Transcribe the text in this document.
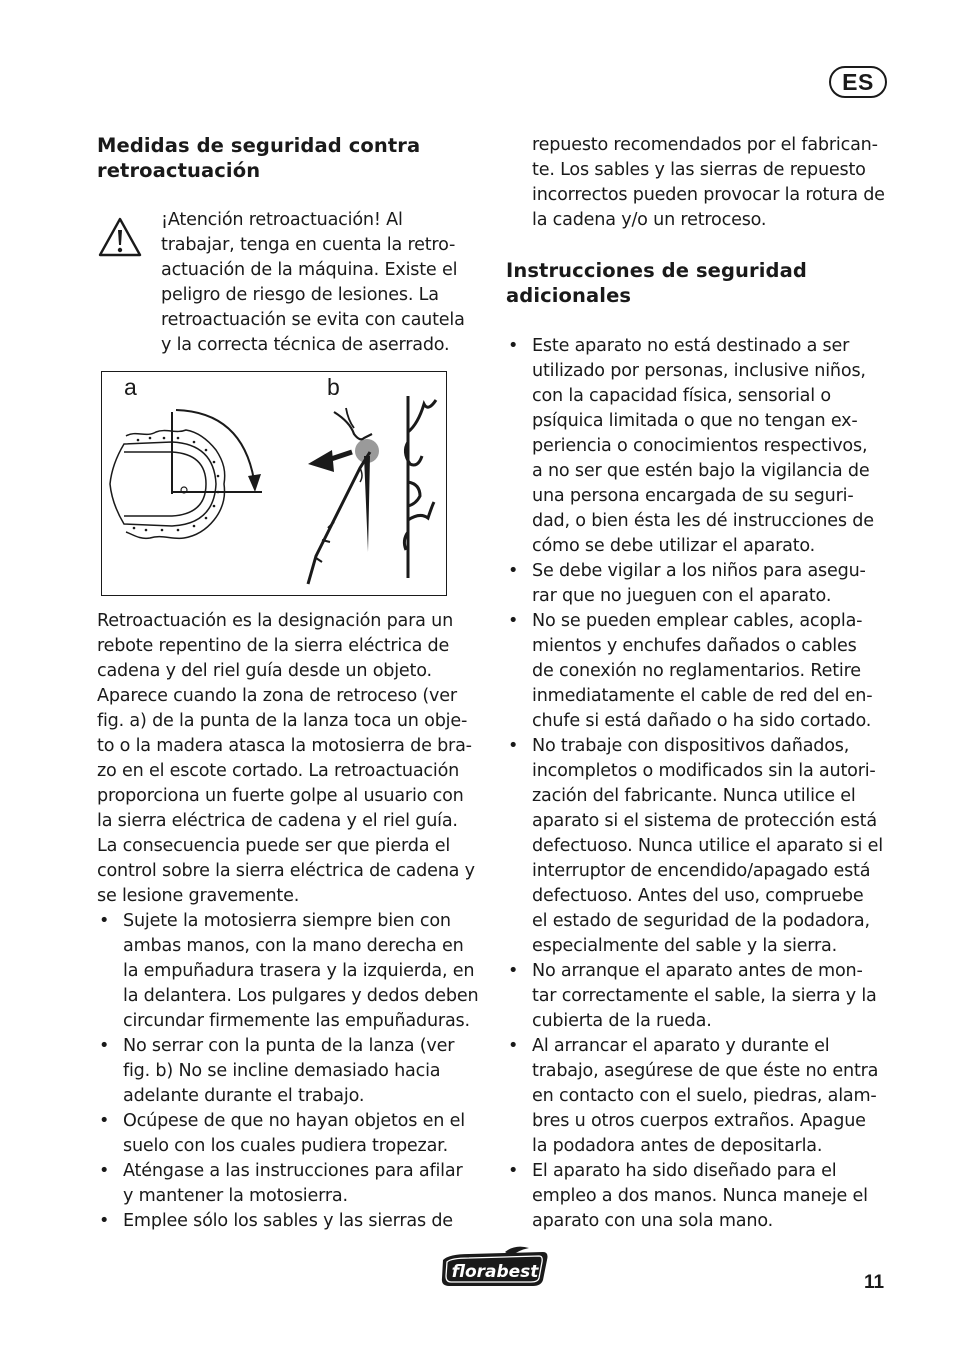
ES
Medidas de seguridad contra
retroactuación
¡Atención retroactuación! Al
trabajar, tenga en cuenta la retro-
actuación de la máquina. Existe el
peligro de riesgo de lesiones. La
retroactuación se evita con cautela
y la correcta técnica de aserrado.
a	b
Retroactuación es la designación para un
rebote repentino de la sierra eléctrica de
cadena y del riel guía desde un objeto.
Aparece cuando la zona de retroceso (ver
fig. a) de la punta de la lanza toca un obje-
to o la madera atasca la motosierra de bra-
zo en el escote cortado. La retroactuación
proporciona un fuerte golpe al usuario con
la sierra eléctrica de cadena y el riel guía.
La consecuencia puede ser que pierda el
control sobre la sierra eléctrica de cadena y
se lesione gravemente.
• Sujete la motosierra siempre bien con
ambas manos, con la mano derecha en
la empuñadura trasera y la izquierda, en
la delantera. Los pulgares y dedos deben
circundar firmemente las empuñaduras.
• No serrar con la punta de la lanza (ver
fig. b) No se incline demasiado hacia
adelante durante el trabajo.
• Ocúpese de que no hayan objetos en el
suelo con los cuales pudiera tropezar.
• Aténgase a las instrucciones para afilar
y mantener la motosierra.
• Emplee sólo los sables y las sierras de
repuesto recomendados por el fabrican-
te. Los sables y las sierras de repuesto
incorrectos pueden provocar la rotura de
la cadena y/o un retroceso.
Instrucciones de seguridad
adicionales
• Este aparato no está destinado a ser
utilizado por personas, inclusive niños,
con la capacidad física, sensorial o
psíquica limitada o que no tengan ex-
periencia o conocimientos respectivos,
a no ser que estén bajo la vigilancia de
una persona encargada de su seguri-
dad, o bien ésta les dé instrucciones de
cómo se debe utilizar el aparato.
• Se debe vigilar a los niños para asegu-
rar que no jueguen con el aparato.
• No se pueden emplear cables, acopla-
mientos y enchufes dañados o cables
de conexión no reglamentarios. Retire
inmediatamente el cable de red del en-
chufe si está dañado o ha sido cortado.
• No trabaje con dispositivos dañados,
incompletos o modificados sin la autori-
zación del fabricante. Nunca utilice el
aparato si el sistema de protección está
defectuoso. Nunca utilice el aparato si el
interruptor de encendido/apagado está
defectuoso. Antes del uso, compruebe
el estado de seguridad de la podadora,
especialmente del sable y la sierra.
• No arranque el aparato antes de mon-
tar correctamente el sable, la sierra y la
cubierta de la rueda.
• Al arrancar el aparato y durante el
trabajo, asegúrese de que éste no entra
en contacto con el suelo, piedras, alam-
bres u otros cuerpos extraños. Apague
la podadora antes de depositarla.
• El aparato ha sido diseñado para el
empleo a dos manos. Nunca maneje el
aparato con una sola mano.
florabest	11
